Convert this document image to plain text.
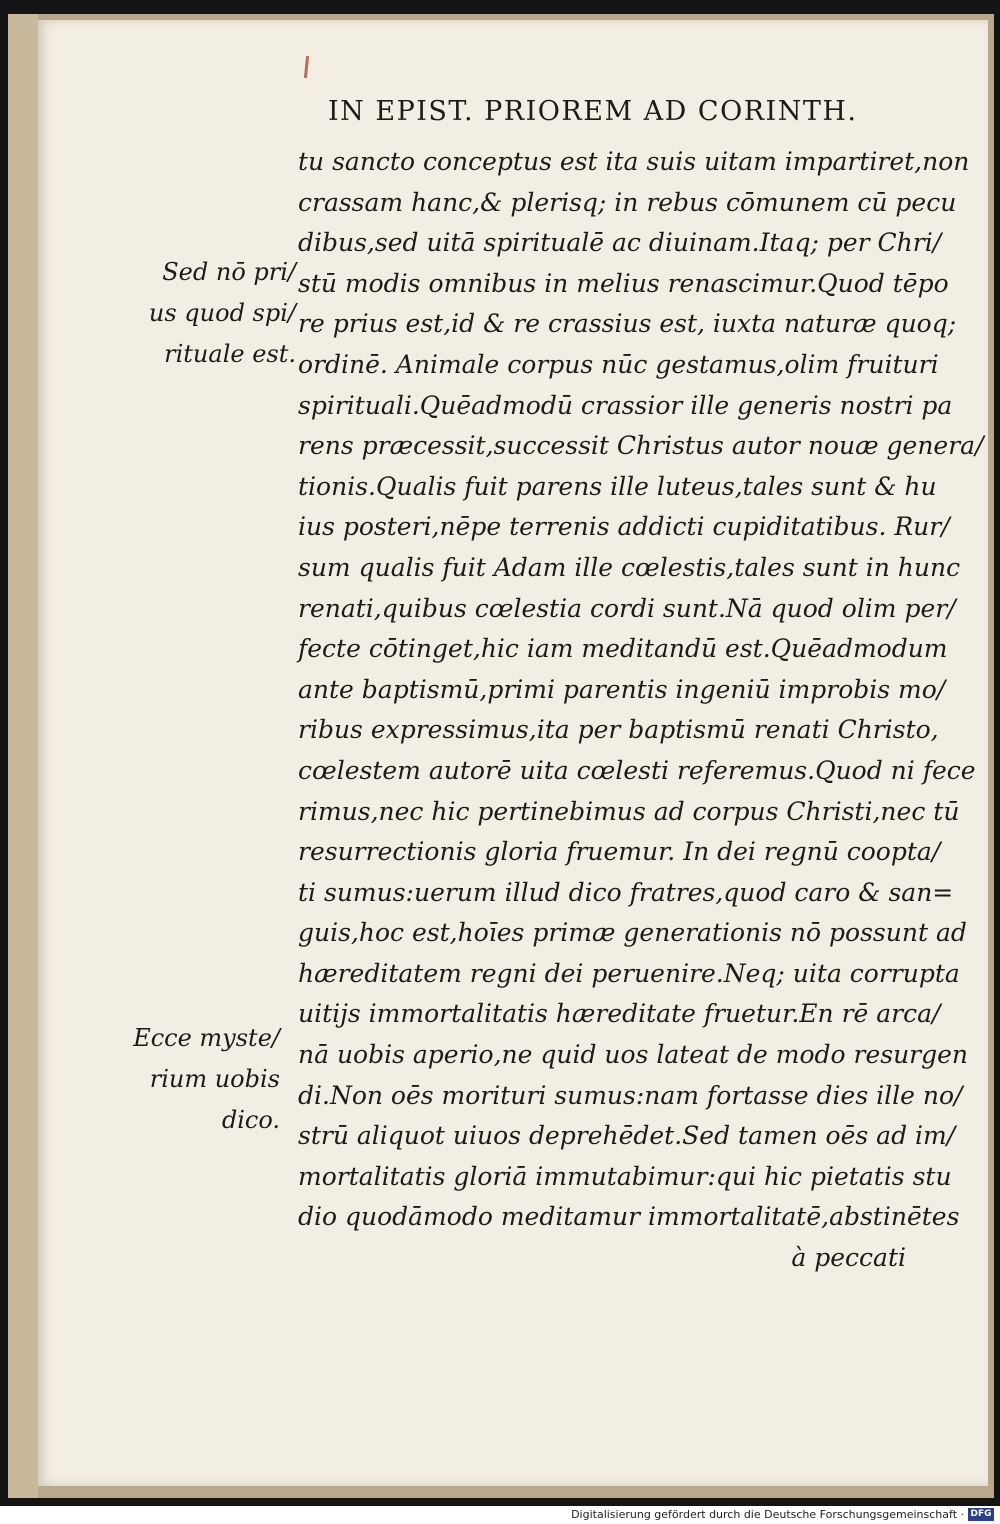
IN EPIST. PRIOREM AD CORINTH.
tu sancto conceptus est ita suis uitam impartiret,non
crassam hanc,& plerisq; in rebus cōmunem cū pecu
dibus,sed uitā spiritualē ac diuinam.Itaq; per Chri/
stū modis omnibus in melius renascimur.Quod tēpo
re prius est,id & re crassius est, iuxta naturæ quoq;
ordinē. Animale corpus nūc gestamus,olim fruituri
spirituali.Quēadmodū crassior ille generis nostri pa
rens præcessit,successit Christus autor nouæ genera/
tionis.Qualis fuit parens ille luteus,tales sunt & hu
ius posteri,nēpe terrenis addicti cupiditatibus. Rur/
sum qualis fuit Adam ille cœlestis,tales sunt in hunc
renati,quibus cœlestia cordi sunt.Nā quod olim per/
fecte cōtinget,hic iam meditandū est.Quēadmodum
ante baptismū,primi parentis ingeniū improbis mo/
ribus expressimus,ita per baptismū renati Christo,
cœlestem autorē uita cœlesti referemus.Quod ni fece
rimus,nec hic pertinebimus ad corpus Christi,nec tū
resurrectionis gloria fruemur. In dei regnū coopta/
ti sumus:uerum illud dico fratres,quod caro & san=
guis,hoc est,hoīes primæ generationis nō possunt ad
hæreditatem regni dei peruenire.Neq; uita corrupta
uitijs immortalitatis hæreditate fruetur.En rē arca/
nā uobis aperio,ne quid uos lateat de modo resurgen
di.Non oēs morituri sumus:nam fortasse dies ille no/
strū aliquot uiuos deprehēdet.Sed tamen oēs ad im/
mortalitatis gloriā immutabimur:qui hic pietatis stu
dio quodāmodo meditamur immortalitatē,abstinētes
à peccati
Sed nō pri/
us quod spi/
rituale est.
Ecce myste/
rium uobis
dico.
Digitalisierung gefördert durch die Deutsche Forschungsgemeinschaft · DFG
